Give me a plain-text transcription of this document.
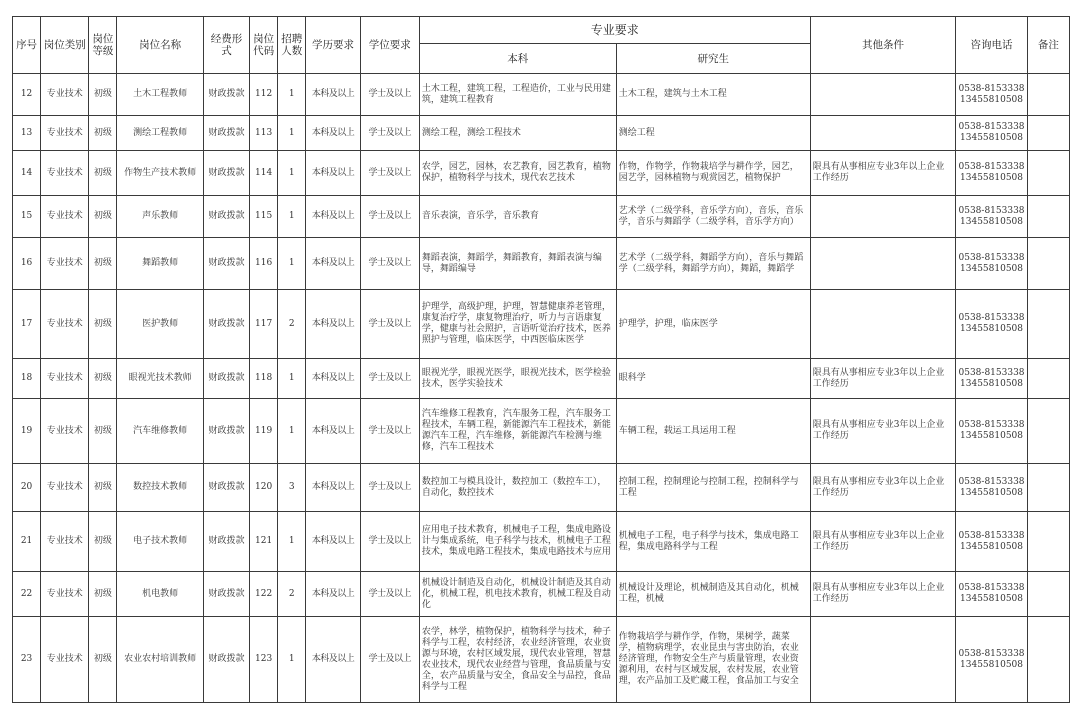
序号	岗位类别	岗位等级	岗位名称	经费形式	岗位代码	招聘人数	学历要求	学位要求	专业要求		其他条件	咨询电话	备注
									本科	研究生			
12	专业技术	初级	土木工程教师	财政拨款	112	1	本科及以上	学士及以上	土木工程，建筑工程，工程造价，工业与民用建筑，建筑工程教育	土木工程，建筑与土木工程		0538-8153338
13455810508	

13	专业技术	初级	测绘工程教师	财政拨款	113	1	本科及以上	学士及以上	测绘工程，测绘工程技术	测绘工程		0538-8153338
13455810508	

14	专业技术	初级	作物生产技术教师	财政拨款	114	1	本科及以上	学士及以上	农学，园艺，园林，农艺教育，园艺教育，植物保护，植物科学与技术，现代农艺技术	作物，作物学，作物栽培学与耕作学，园艺，园艺学，园林植物与观赏园艺，植物保护	限具有从事相应专业3年以上企业工作经历	0538-8153338
13455810508	

15	专业技术	初级	声乐教师	财政拨款	115	1	本科及以上	学士及以上	音乐表演，音乐学，音乐教育	艺术学（二级学科，音乐学方向），音乐，音乐学，音乐与舞蹈学（二级学科，音乐学方向）		0538-8153338
13455810508	

16	专业技术	初级	舞蹈教师	财政拨款	116	1	本科及以上	学士及以上	舞蹈表演，舞蹈学，舞蹈教育，舞蹈表演与编导，舞蹈编导	艺术学（二级学科，舞蹈学方向），音乐与舞蹈学（二级学科，舞蹈学方向），舞蹈，舞蹈学		0538-8153338
13455810508	

17	专业技术	初级	医护教师	财政拨款	117	2	本科及以上	学士及以上	护理学，高级护理，护理，智慧健康养老管理，康复治疗学，康复物理治疗，听力与言语康复学，健康与社会照护，言语听觉治疗技术，医养照护与管理，临床医学，中西医临床医学	护理学，护理，临床医学		0538-8153338
13455810508	

18	专业技术	初级	眼视光技术教师	财政拨款	118	1	本科及以上	学士及以上	眼视光学，眼视光医学，眼视光技术，医学检验技术，医学实验技术	眼科学	限具有从事相应专业3年以上企业工作经历	0538-8153338
13455810508	

19	专业技术	初级	汽车维修教师	财政拨款	119	1	本科及以上	学士及以上	汽车维修工程教育，汽车服务工程，汽车服务工程技术，车辆工程，新能源汽车工程技术，新能源汽车工程，汽车维修，新能源汽车检测与维修，汽车工程技术	车辆工程，载运工具运用工程	限具有从事相应专业3年以上企业工作经历	0538-8153338
13455810508	

20	专业技术	初级	数控技术教师	财政拨款	120	3	本科及以上	学士及以上	数控加工与模具设计，数控加工（数控车工），自动化，数控技术	控制工程，控制理论与控制工程，控制科学与工程	限具有从事相应专业3年以上企业工作经历	0538-8153338
13455810508	

21	专业技术	初级	电子技术教师	财政拨款	121	1	本科及以上	学士及以上	应用电子技术教育，机械电子工程，集成电路设计与集成系统，电子科学与技术，机械电子工程技术，集成电路工程技术，集成电路技术与应用	机械电子工程，电子科学与技术，集成电路工程，集成电路科学与工程	限具有从事相应专业3年以上企业工作经历	0538-8153338
13455810508	

22	专业技术	初级	机电教师	财政拨款	122	2	本科及以上	学士及以上	机械设计制造及自动化，机械设计制造及其自动化，机械工程，机电技术教育，机械工程及自动化	机械设计及理论，机械制造及其自动化，机械工程，机械	限具有从事相应专业3年以上企业工作经历	0538-8153338
13455810508	

23	专业技术	初级	农业农村培训教师	财政拨款	123	1	本科及以上	学士及以上	农学，林学，植物保护，植物科学与技术，种子科学与工程，农村经济，农业经济管理，农业资源与环境，农村区域发展，现代农业管理，智慧农业技术，现代农业经营与管理，食品质量与安全，农产品质量与安全，食品安全与品控，食品科学与工程	作物栽培学与耕作学，作物，果树学，蔬菜学，植物病理学，农业昆虫与害虫防治，农业经济管理，作物安全生产与质量管理，农业资源利用，农村与区域发展，农村发展，农业管理，农产品加工及贮藏工程，食品加工与安全		0538-8153338
13455810508	
